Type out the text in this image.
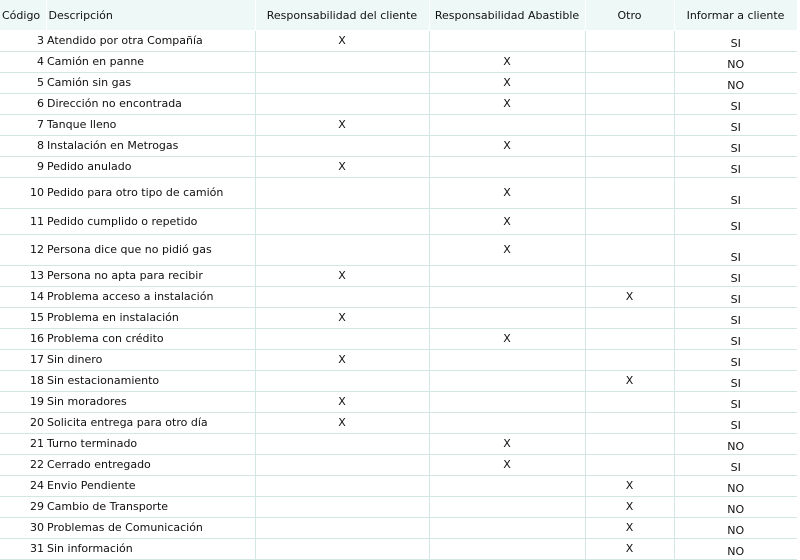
Código	Descripción	Responsabilidad del cliente	Responsabilidad Abastible	Otro	Informar a cliente
3	Atendido por otra Compañía	X			SI
4	Camión en panne		X		NO
5	Camión sin gas		X		NO
6	Dirección no encontrada		X		SI
7	Tanque lleno	X			SI
8	Instalación en Metrogas		X		SI
9	Pedido anulado	X			SI
10	Pedido para otro tipo de camión		X		SI
11	Pedido cumplido o repetido		X		SI
12	Persona dice que no pidió gas		X		SI
13	Persona no apta para recibir	X			SI
14	Problema acceso a instalación			X	SI
15	Problema en instalación	X			SI
16	Problema con crédito		X		SI
17	Sin dinero	X			SI
18	Sin estacionamiento			X	SI
19	Sin moradores	X			SI
20	Solicita entrega para otro día	X			SI
21	Turno terminado		X		NO
22	Cerrado entregado		X		SI
24	Envio Pendiente			X	NO
29	Cambio de Transporte			X	NO
30	Problemas de Comunicación			X	NO
31	Sin información			X	NO
